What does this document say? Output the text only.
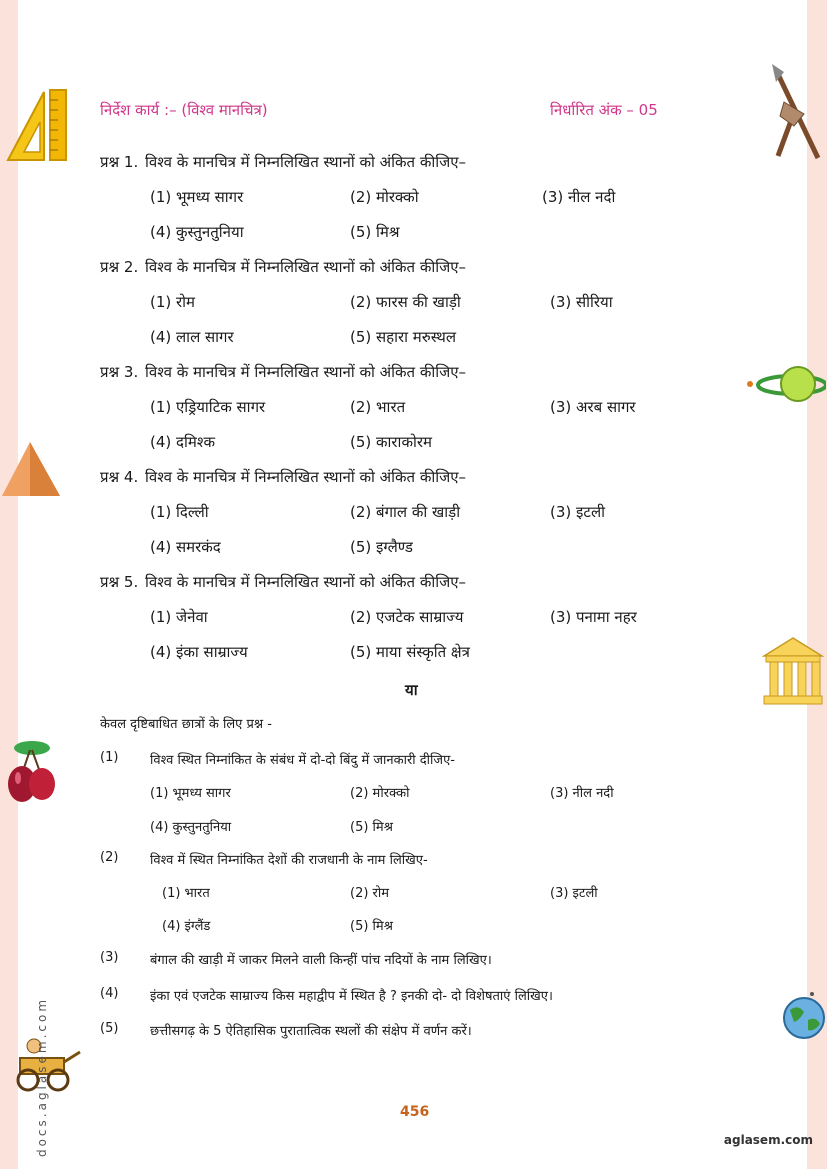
निर्देश कार्य :– (विश्व मानचित्र)	निर्धारित अंक – 05
प्रश्न 1. विश्व के मानचित्र में निम्नलिखित स्थानों को अंकित कीजिए–
(1) भूमध्य सागर	(2) मोरक्को	(3) नील नदी
(4) कुस्तुनतुनिया	(5) मिश्र
प्रश्न 2. विश्व के मानचित्र में निम्नलिखित स्थानों को अंकित कीजिए–
(1) रोम	(2) फारस की खाड़ी	(3) सीरिया
(4) लाल सागर	(5) सहारा मरुस्थल
प्रश्न 3. विश्व के मानचित्र में निम्नलिखित स्थानों को अंकित कीजिए–
(1) एड्रियाटिक सागर	(2) भारत	(3) अरब सागर
(4) दमिश्क	(5) काराकोरम
प्रश्न 4. विश्व के मानचित्र में निम्नलिखित स्थानों को अंकित कीजिए–
(1) दिल्ली	(2) बंगाल की खाड़ी	(3) इटली
(4) समरकंद	(5) इग्लैण्ड
प्रश्न 5. विश्व के मानचित्र में निम्नलिखित स्थानों को अंकित कीजिए–
(1) जेनेवा	(2) एजटेक साम्राज्य	(3) पनामा नहर
(4) इंका साम्राज्य	(5) माया संस्कृति क्षेत्र
या
केवल दृष्टिबाधित छात्रों के लिए प्रश्न -
(1) विश्व स्थित निम्नांकित के संबंध में दो-दो बिंदु में जानकारी दीजिए-
(1) भूमध्य सागर	(2) मोरक्को	(3) नील नदी
(4) कुस्तुनतुनिया	(5) मिश्र
(2) विश्व में स्थित निम्नांकित देशों की राजधानी के नाम लिखिए-
(1) भारत	(2) रोम	(3) इटली
(4) इंग्लैंड	(5) मिश्र
(3) बंगाल की खाड़ी में जाकर मिलने वाली किन्हीं पांच नदियों के नाम लिखिए।
(4) इंका एवं एजटेक साम्राज्य किस महाद्वीप में स्थित है ? इनकी दो- दो विशेषताएं लिखिए।
(5) छत्तीसगढ़ के 5 ऐतिहासिक पुरातात्विक स्थलों की संक्षेप में वर्णन करें।
456
aglasem.com
docs.aglasem.com
